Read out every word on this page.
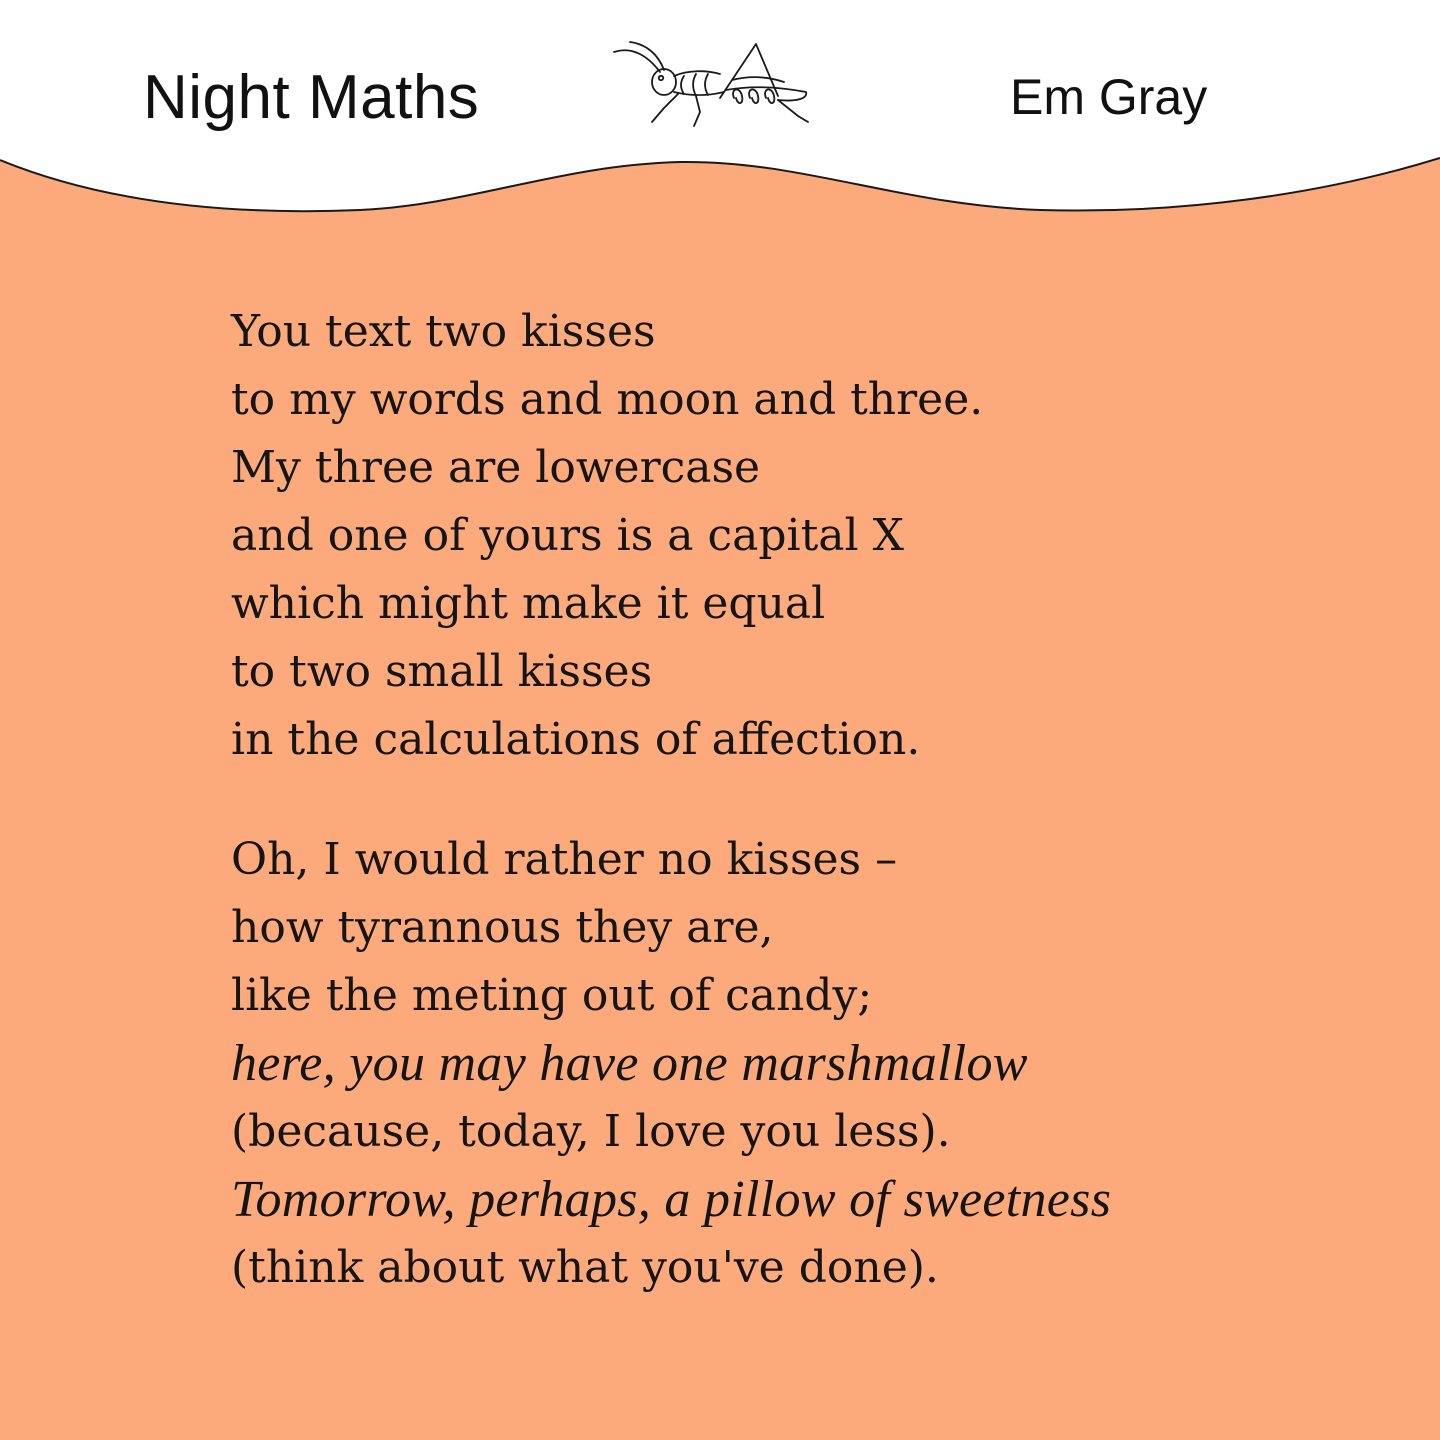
Night Maths	Em Gray
You text two kisses
to my words and moon and three.
My three are lowercase
and one of yours is a capital X
which might make it equal
to two small kisses
in the calculations of affection.
Oh, I would rather no kisses –
how tyrannous they are,
like the meting out of candy;
here, you may have one marshmallow
(because, today, I love you less).
Tomorrow, perhaps, a pillow of sweetness
(think about what you've done).
